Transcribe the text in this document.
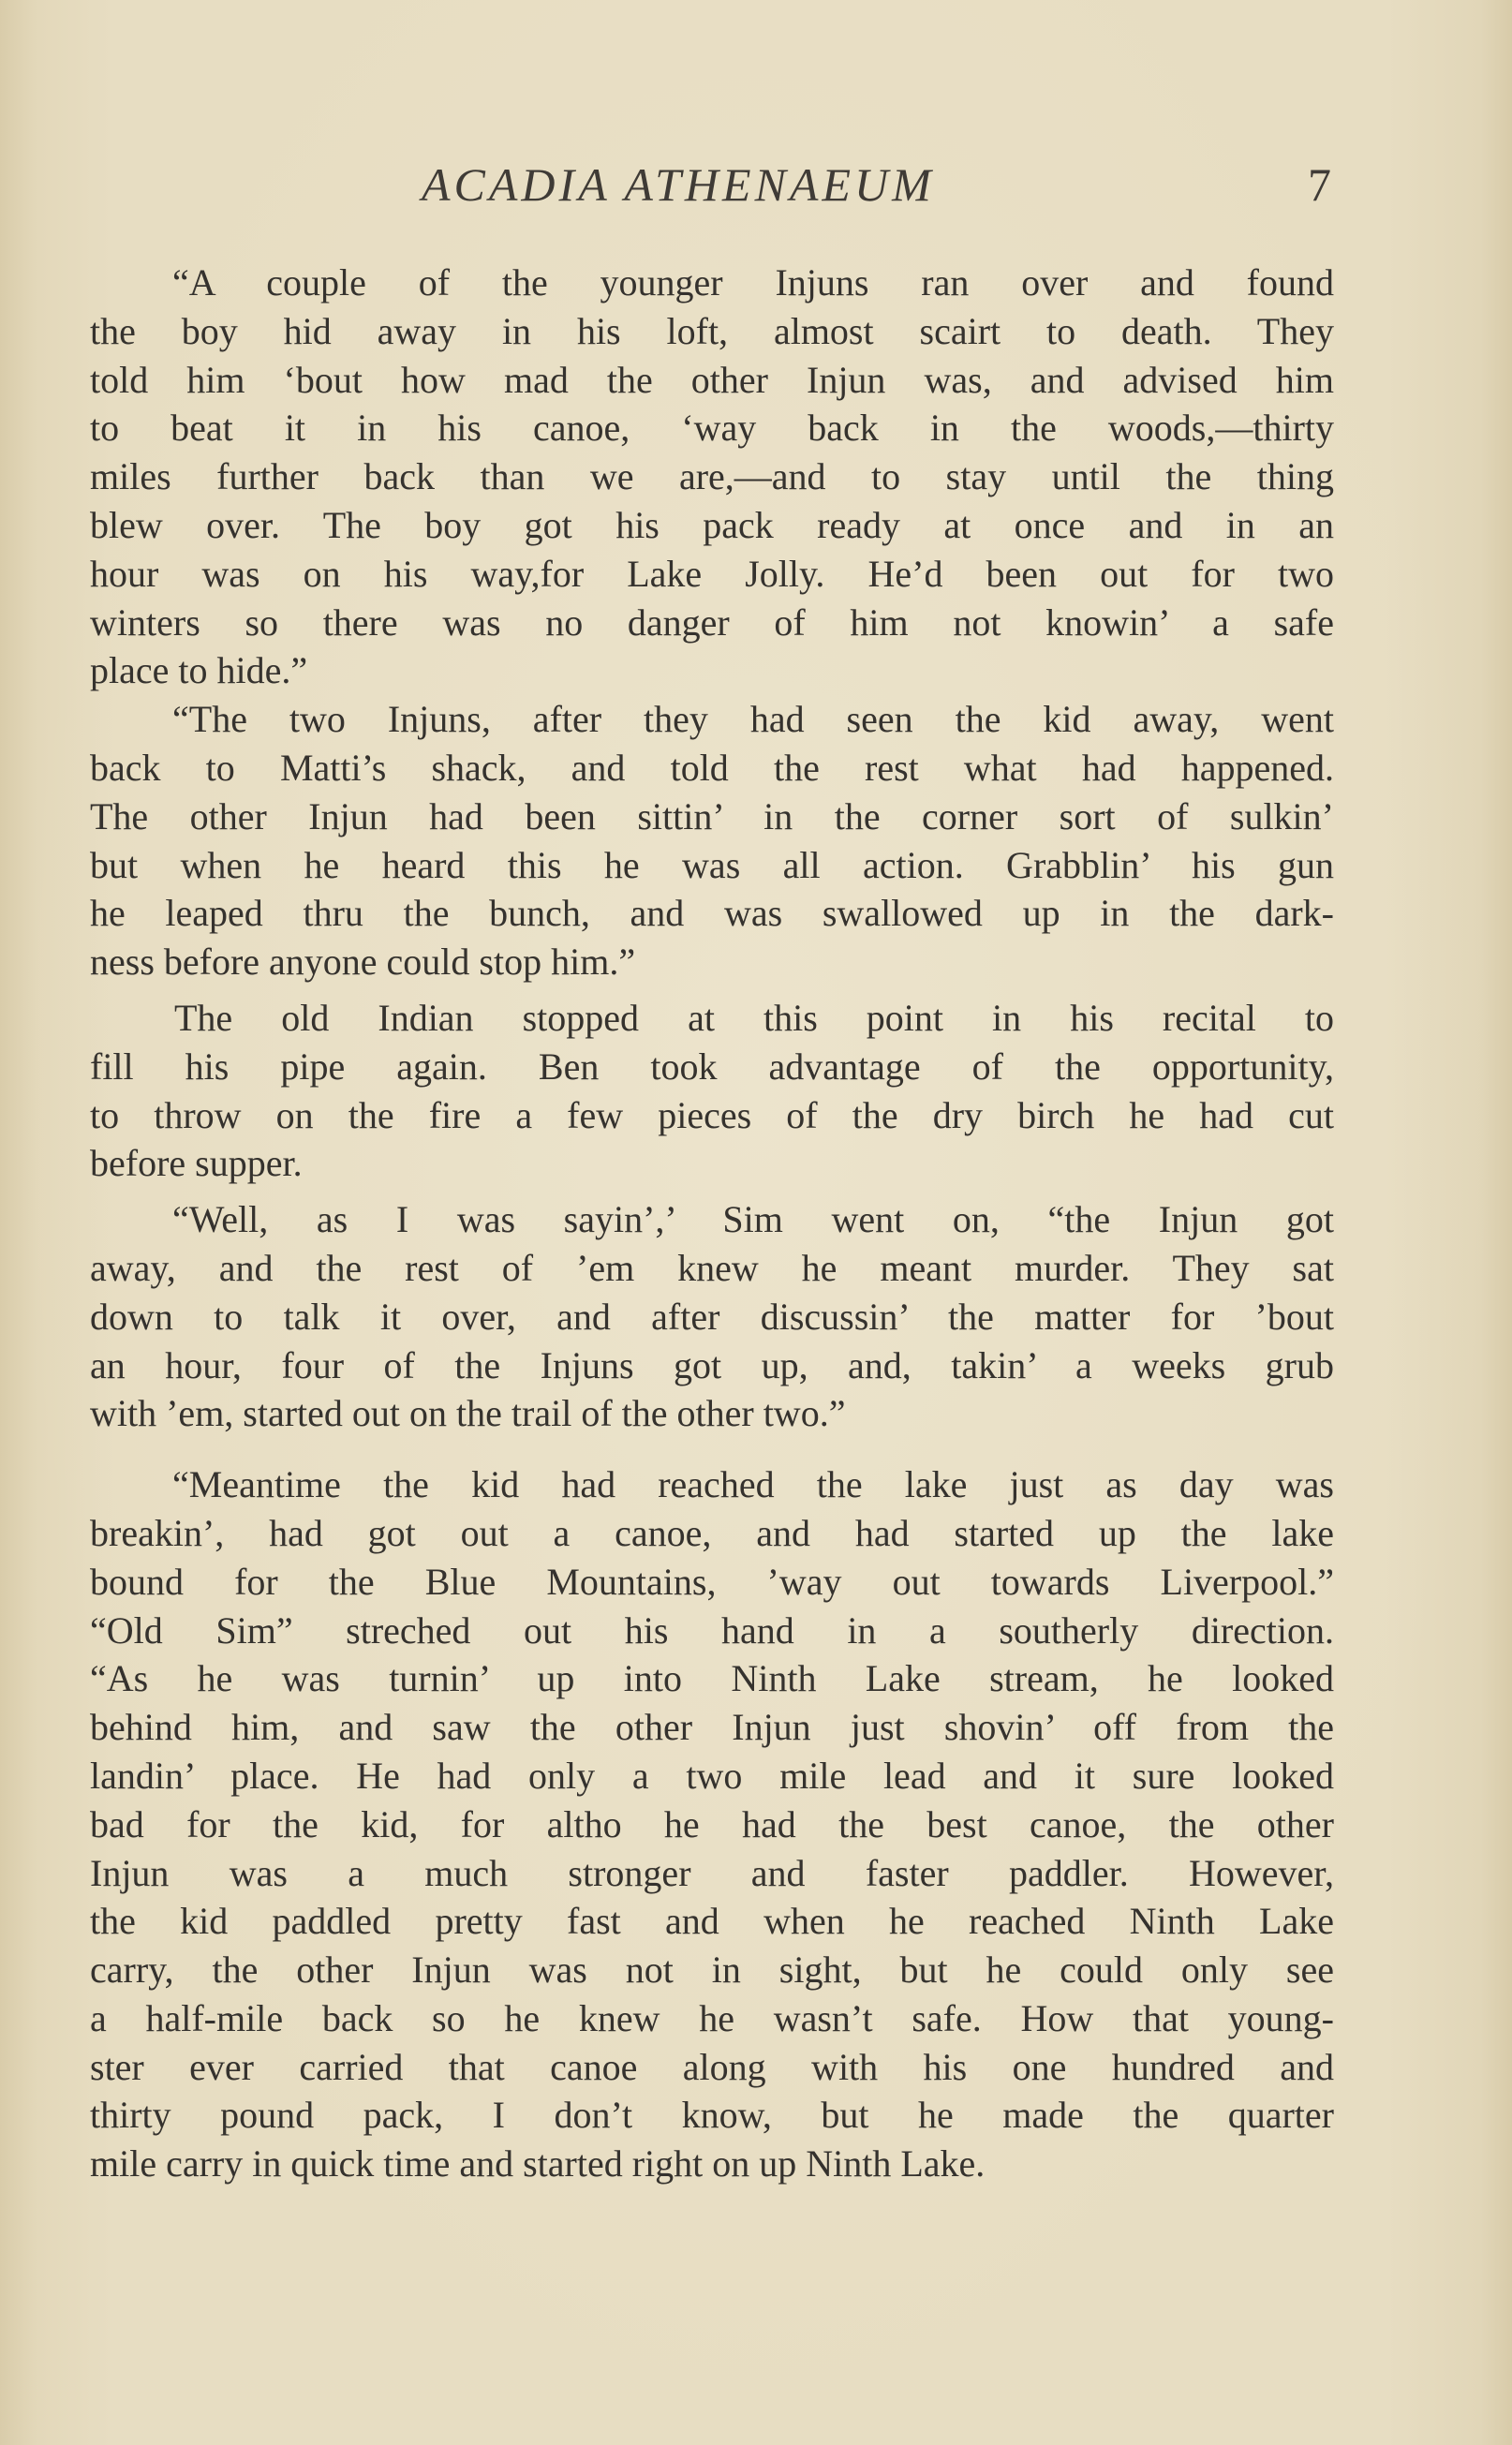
ACADIA ATHENAEUM	7

“A couple of the younger Injuns ran over and found
the boy hid away in his loft, almost scairt to death. They
told him ‘bout how mad the other Injun was, and advised him
to beat it in his canoe, ‘way back in the woods,—thirty
miles further back than we are,—and to stay until the thing
blew over. The boy got his pack ready at once and in an
hour was on his way,for Lake Jolly. He’d been out for two
winters so there was no danger of him not knowin’ a safe
place to hide.”

“The two Injuns, after they had seen the kid away, went
back to Matti’s shack, and told the rest what had happened.
The other Injun had been sittin’ in the corner sort of sulkin’
but when he heard this he was all action. Grabblin’ his gun
he leaped thru the bunch, and was swallowed up in the dark-
ness before anyone could stop him.”

The old Indian stopped at this point in his recital to
fill his pipe again. Ben took advantage of the opportunity,
to throw on the fire a few pieces of the dry birch he had cut
before supper.

“Well, as I was sayin’,’ Sim went on, “the Injun got
away, and the rest of ’em knew he meant murder. They sat
down to talk it over, and after discussin’ the matter for ’bout
an hour, four of the Injuns got up, and, takin’ a weeks grub
with ’em, started out on the trail of the other two.”

“Meantime the kid had reached the lake just as day was
breakin’, had got out a canoe, and had started up the lake
bound for the Blue Mountains, ’way out towards Liverpool.”
“Old Sim” streched out his hand in a southerly direction.
“As he was turnin’ up into Ninth Lake stream, he looked
behind him, and saw the other Injun just shovin’ off from the
landin’ place. He had only a two mile lead and it sure looked
bad for the kid, for altho he had the best canoe, the other
Injun was a much stronger and faster paddler. However,
the kid paddled pretty fast and when he reached Ninth Lake
carry, the other Injun was not in sight, but he could only see
a half-mile back so he knew he wasn’t safe. How that young-
ster ever carried that canoe along with his one hundred and
thirty pound pack, I don’t know, but he made the quarter
mile carry in quick time and started right on up Ninth Lake.
